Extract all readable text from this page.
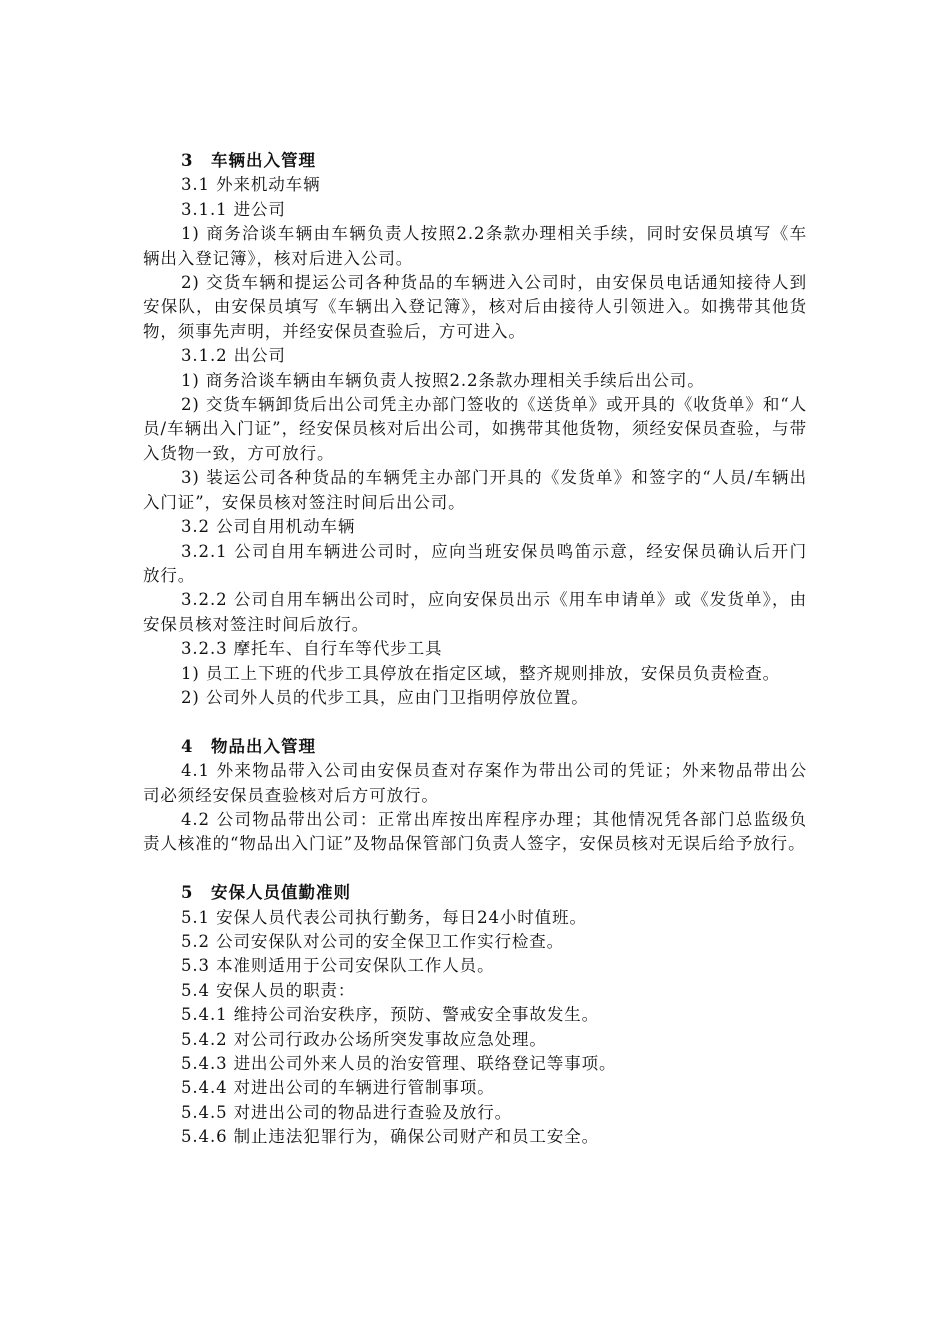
3 车辆出入管理

3.1 外来机动车辆

3.1.1 进公司

1) 商务洽谈车辆由车辆负责人按照2.2条款办理相关手续，同时安保员填写《车辆出入登记簿》，核对后进入公司。

2) 交货车辆和提运公司各种货品的车辆进入公司时，由安保员电话通知接待人到安保队，由安保员填写《车辆出入登记簿》，核对后由接待人引领进入。如携带其他货物，须事先声明，并经安保员查验后，方可进入。

3.1.2 出公司

1) 商务洽谈车辆由车辆负责人按照2.2条款办理相关手续后出公司。

2) 交货车辆卸货后出公司凭主办部门签收的《送货单》或开具的《收货单》和“人员/车辆出入门证”，经安保员核对后出公司，如携带其他货物，须经安保员查验，与带入货物一致，方可放行。

3) 装运公司各种货品的车辆凭主办部门开具的《发货单》和签字的“人员/车辆出入门证”，安保员核对签注时间后出公司。

3.2 公司自用机动车辆

3.2.1 公司自用车辆进公司时，应向当班安保员鸣笛示意，经安保员确认后开门放行。

3.2.2 公司自用车辆出公司时，应向安保员出示《用车申请单》或《发货单》，由安保员核对签注时间后放行。

3.2.3 摩托车、自行车等代步工具

1) 员工上下班的代步工具停放在指定区域，整齐规则排放，安保员负责检查。

2) 公司外人员的代步工具，应由门卫指明停放位置。

4 物品出入管理

4.1 外来物品带入公司由安保员查对存案作为带出公司的凭证；外来物品带出公司必须经安保员查验核对后方可放行。

4.2 公司物品带出公司：正常出库按出库程序办理；其他情况凭各部门总监级负责人核准的“物品出入门证”及物品保管部门负责人签字，安保员核对无误后给予放行。

5 安保人员值勤准则

5.1 安保人员代表公司执行勤务，每日24小时值班。

5.2 公司安保队对公司的安全保卫工作实行检查。

5.3 本准则适用于公司安保队工作人员。

5.4 安保人员的职责：

5.4.1 维持公司治安秩序，预防、警戒安全事故发生。

5.4.2 对公司行政办公场所突发事故应急处理。

5.4.3 进出公司外来人员的治安管理、联络登记等事项。

5.4.4 对进出公司的车辆进行管制事项。

5.4.5 对进出公司的物品进行查验及放行。

5.4.6 制止违法犯罪行为，确保公司财产和员工安全。
